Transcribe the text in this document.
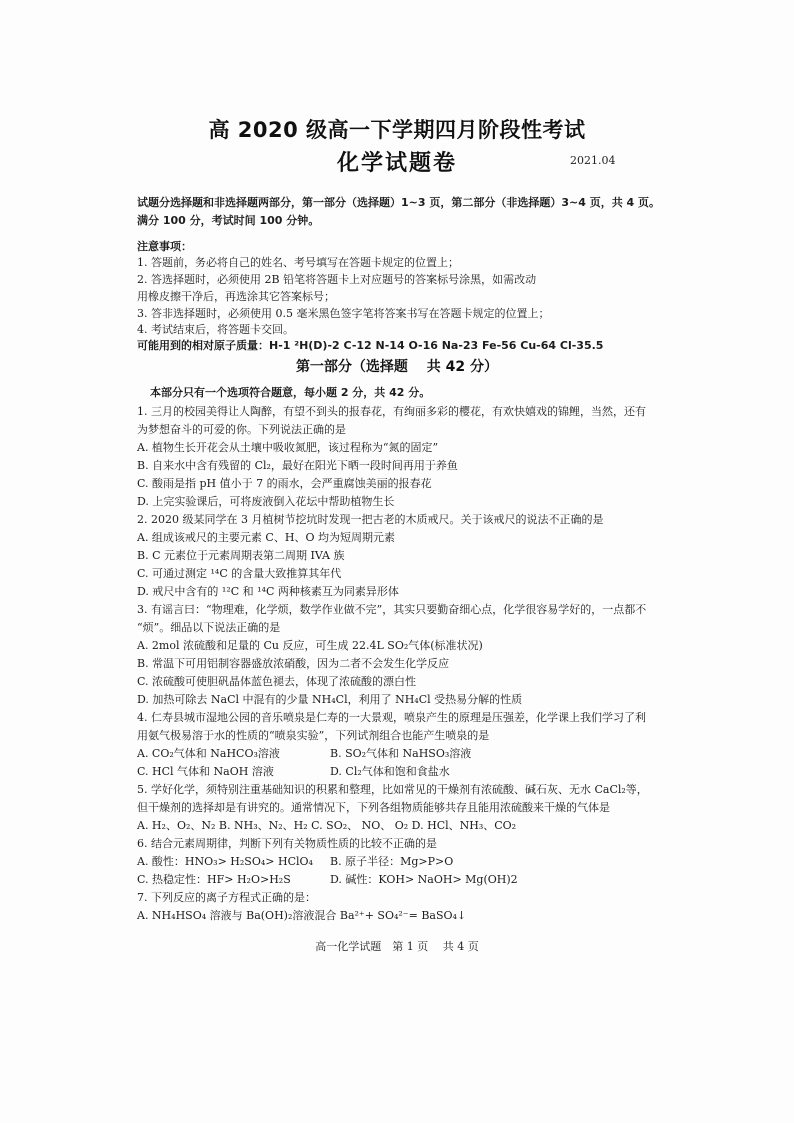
高 2020 级高一下学期四月阶段性考试
化学试题卷	2021.04
试题分选择题和非选择题两部分，第一部分（选择题）1~3 页，第二部分（非选择题）3~4 页，共 4 页。
满分 100 分，考试时间 100 分钟。
注意事项：
1. 答题前，务必将自己的姓名、考号填写在答题卡规定的位置上；
2. 答选择题时，必须使用 2B 铅笔将答题卡上对应题号的答案标号涂黑，如需改动
用橡皮擦干净后，再选涂其它答案标号；
3. 答非选择题时，必须使用 0.5 毫米黑色签字笔将答案书写在答题卡规定的位置上；
4. 考试结束后，将答题卡交回。
可能用到的相对原子质量：H-1 ²H(D)-2 C-12 N-14 O-16 Na-23 Fe-56 Cu-64 Cl-35.5
第一部分（选择题　 共 42 分）
本部分只有一个选项符合题意，每小题 2 分，共 42 分。
1. 三月的校园美得让人陶醉，有望不到头的报春花，有绚丽多彩的樱花，有欢快嬉戏的锦鲤，当然，还有
为梦想奋斗的可爱的你。下列说法正确的是
A. 植物生长开花会从土壤中吸收氮肥，该过程称为“氮的固定”
B. 自来水中含有残留的 Cl₂，最好在阳光下晒一段时间再用于养鱼
C. 酸雨是指 pH 值小于 7 的雨水，会严重腐蚀美丽的报春花
D. 上完实验课后，可将废液倒入花坛中帮助植物生长
2. 2020 级某同学在 3 月植树节挖坑时发现一把古老的木质戒尺。关于该戒尺的说法不正确的是
A. 组成该戒尺的主要元素 C、H、O 均为短周期元素
B. C 元素位于元素周期表第二周期 IVA 族
C. 可通过测定 ¹⁴C 的含量大致推算其年代
D. 戒尺中含有的 ¹²C 和 ¹⁴C 两种核素互为同素异形体
3. 有谣言曰：“物理难，化学烦，数学作业做不完”，其实只要勤奋细心点，化学很容易学好的，一点都不
“烦”。细品以下说法正确的是
A. 2mol 浓硫酸和足量的 Cu 反应，可生成 22.4L SO₂气体(标准状况)
B. 常温下可用铝制容器盛放浓硝酸，因为二者不会发生化学反应
C. 浓硫酸可使胆矾晶体蓝色褪去，体现了浓硫酸的漂白性
D. 加热可除去 NaCl 中混有的少量 NH₄Cl，利用了 NH₄Cl 受热易分解的性质
4. 仁寿县城市湿地公园的音乐喷泉是仁寿的一大景观，喷泉产生的原理是压强差，化学课上我们学习了利
用氨气极易溶于水的性质的“喷泉实验”，下列试剂组合也能产生喷泉的是
A. CO₂气体和 NaHCO₃溶液	B. SO₂气体和 NaHSO₃溶液
C. HCl 气体和 NaOH 溶液	D. Cl₂气体和饱和食盐水
5. 学好化学，须特别注重基础知识的积累和整理，比如常见的干燥剂有浓硫酸、碱石灰、无水 CaCl₂等，
但干燥剂的选择却是有讲究的。通常情况下，下列各组物质能够共存且能用浓硫酸来干燥的气体是
A. H₂、O₂、N₂ B. NH₃、N₂、H₂ C. SO₂、 NO、 O₂ D. HCl、NH₃、CO₂
6. 结合元素周期律，判断下列有关物质性质的比较不正确的是
A. 酸性：HNO₃> H₂SO₄> HClO₄ B. 原子半径：Mg>P>O
C. 热稳定性：HF> H₂O>H₂S	D. 碱性：KOH> NaOH> Mg(OH)2
7. 下列反应的离子方程式正确的是：
A. NH₄HSO₄ 溶液与 Ba(OH)₂溶液混合 Ba²⁺+ SO₄²⁻= BaSO₄↓
高一化学试题　第 1 页　 共 4 页
